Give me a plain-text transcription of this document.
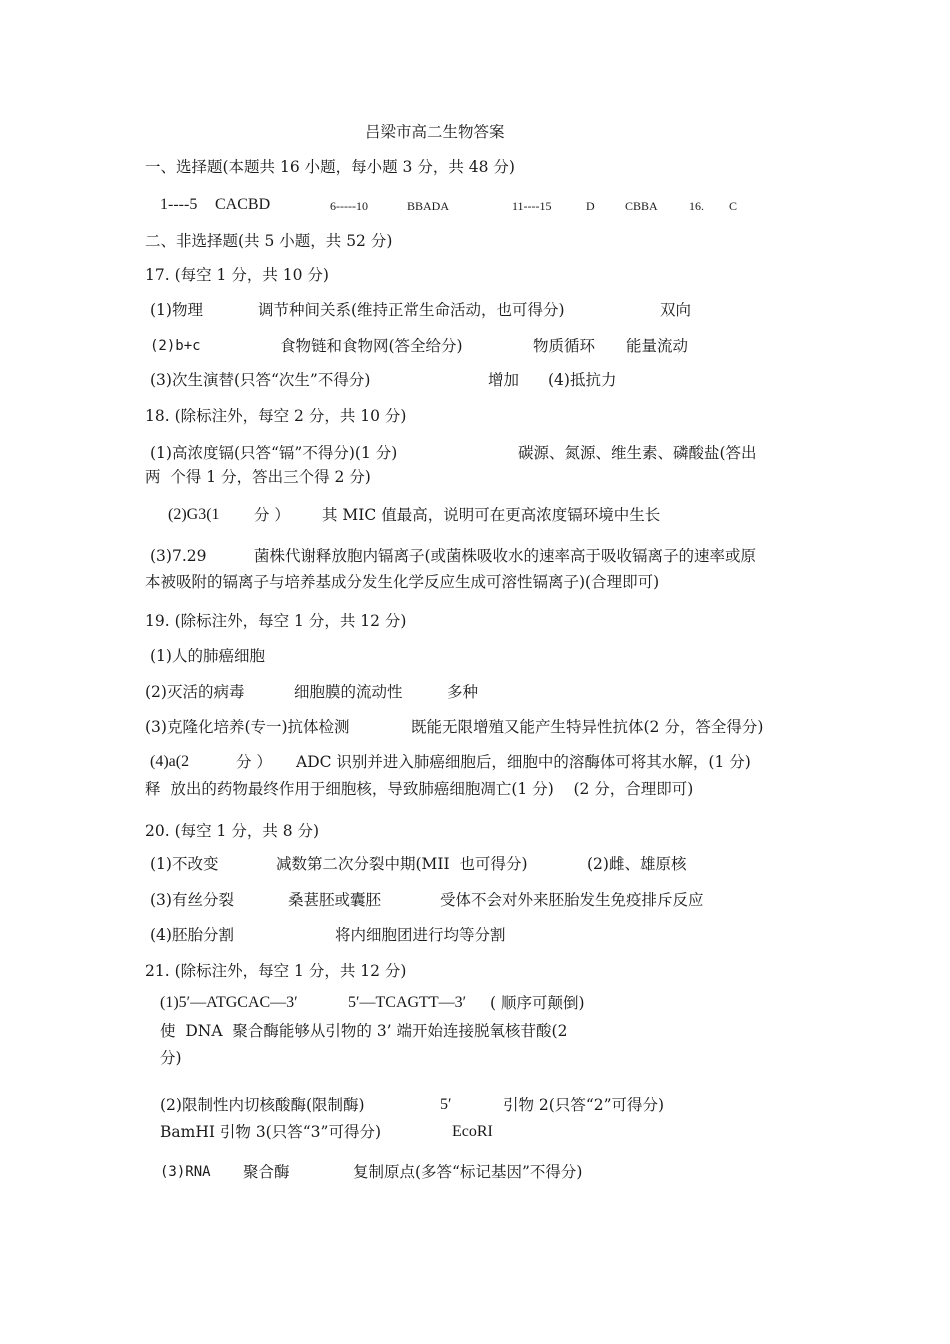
吕梁市高二生物答案
一、选择题(本题共 16 小题，每小题 3 分，共 48 分)
1----5 CACBD	6-----10	BBADA	11----15	D	CBBA	16. C
二、非选择题(共 5 小题，共 52 分)
17. (每空 1 分，共 10 分)
(1)物理	调节种间关系(维持正常生命活动，也可得分)	双向
(2)b+c	食物链和食物网(答全给分)	物质循环 能量流动
(3)次生演替(只答“次生”不得分)	增加 (4)抵抗力
18. (除标注外，每空 2 分，共 10 分)
(1)高浓度镉(只答“镉”不得分)(1 分)	碳源、氮源、维生素、磷酸盐(答出
两  个得 1 分，答出三个得 2 分)
(2)G3(1 分 ） 其 MIC 值最高，说明可在更高浓度镉环境中生长
(3)7.29	菌株代谢释放胞内镉离子(或菌株吸收水的速率高于吸收镉离子的速率或原
本被吸附的镉离子与培养基成分发生化学反应生成可溶性镉离子)(合理即可)
19. (除标注外，每空 1 分，共 12 分)
(1)人的肺癌细胞
(2)灭活的病毒	细胞膜的流动性	多种
(3)克隆化培养(专一)抗体检测	既能无限增殖又能产生特异性抗体(2 分，答全得分)
(4)a(2	分 ） ADC 识别并进入肺癌细胞后，细胞中的溶酶体可将其水解，(1 分)
释  放出的药物最终作用于细胞核，导致肺癌细胞凋亡(1 分)    (2 分，合理即可)
20. (每空 1 分，共 8 分)
(1)不改变	减数第二次分裂中期(MII  也可得分)	(2)雌、雄原核
(3)有丝分裂	桑葚胚或囊胚	受体不会对外来胚胎发生免疫排斥反应
(4)胚胎分割	将内细胞团进行均等分割
21. (除标注外，每空 1 分，共 12 分)
(1)5′—ATGCAC—3′	5′—TCAGTT—3′ ( 顺序可颠倒)
使  DNA  聚合酶能够从引物的 3’ 端开始连接脱氧核苷酸(2
分)
(2)限制性内切核酸酶(限制酶)	5′	引物 2(只答“2”可得分)
BamHI 引物 3(只答“3”可得分)	EcoRI
(3)RNA 聚合酶	复制原点(多答“标记基因”不得分)
